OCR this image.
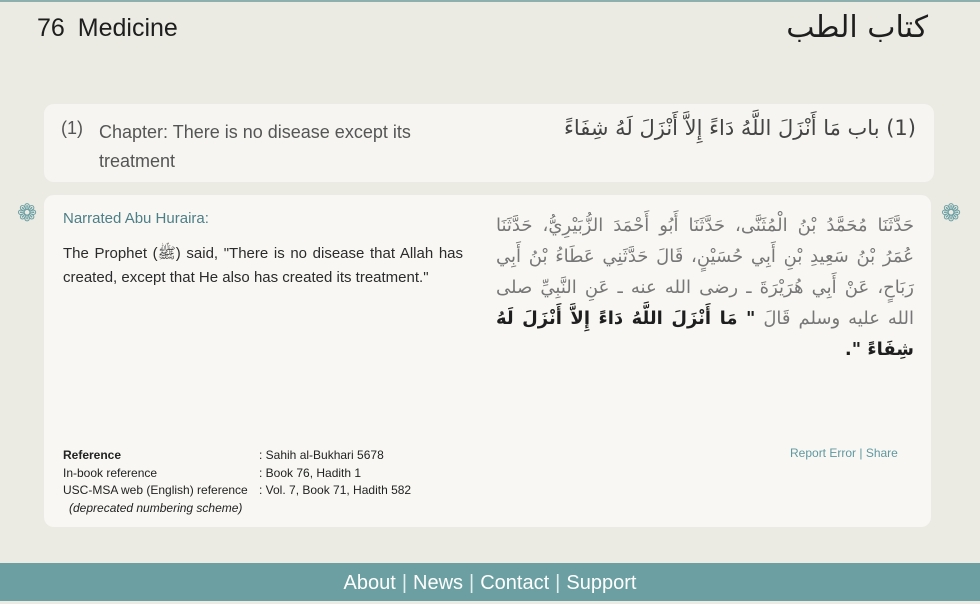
76 Medicine	كتاب الطب
(1) Chapter: There is no disease except its treatment
(1) باب مَا أَنْزَلَ اللَّهُ دَاءً إِلاَّ أَنْزَلَ لَهُ شِفَاءً
❁	❁
Narrated Abu Huraira:
The Prophet (ﷺ) said, "There is no disease that Allah has created, except that He also has created its treatment."
حَدَّثَنَا مُحَمَّدُ بْنُ الْمُثَنَّى، حَدَّثَنَا أَبُو أَحْمَدَ الزُّبَيْرِيُّ، حَدَّثَنَا عُمَرُ بْنُ سَعِيدِ بْنِ أَبِي حُسَيْنٍ، قَالَ حَدَّثَنِي عَطَاءُ بْنُ أَبِي رَبَاحٍ، عَنْ أَبِي هُرَيْرَةَ ـ رضى الله عنه ـ عَنِ النَّبِيِّ صلى الله عليه وسلم قَالَ " مَا أَنْزَلَ اللَّهُ دَاءً إِلاَّ أَنْزَلَ لَهُ شِفَاءً ".
Reference	: Sahih al-Bukhari 5678
In-book reference	: Book 76, Hadith 1
USC-MSA web (English) reference : Vol. 7, Book 71, Hadith 582
(deprecated numbering scheme)
Report Error | Share
About | News | Contact | Support
